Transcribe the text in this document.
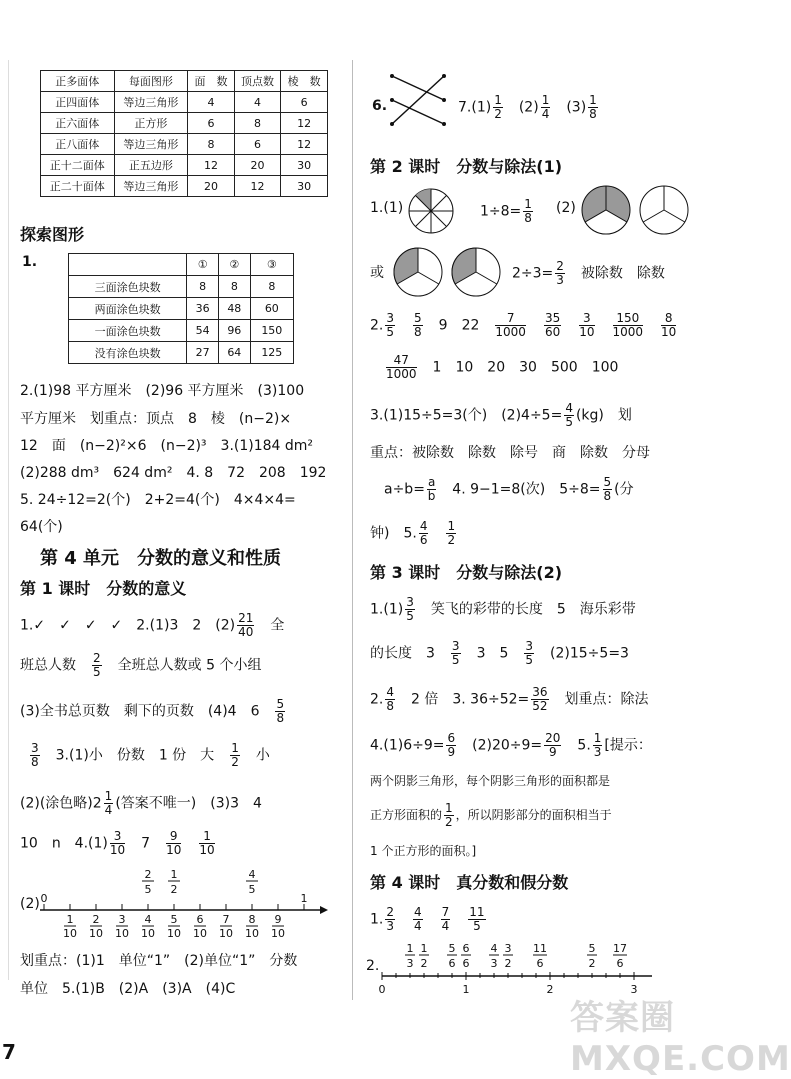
正多面体	每面图形	面　数	顶点数	棱　数
正四面体	等边三角形	4	4	6
正六面体	正方形	6	8	12
正八面体	等边三角形	8	6	12
正十二面体	正五边形	12	20	30
正二十面体	等边三角形	20	12	30
探索图形
1.
		①	②	③
三面涂色块数	8	8	8
两面涂色块数	36	48	60
一面涂色块数	54	96	150
没有涂色块数	27	64	125
2.(1)98 平方厘米　(2)96 平方厘米　(3)100
平方厘米　划重点：顶点　8　棱　(n−2)×
12　面　(n−2)²×6　(n−2)³　3.(1)184 dm²
(2)288 dm³　624 dm²　4. 8　72　208　192
5. 24÷12=2(个)　2+2=4(个)　4×4×4=
64(个)
第 4 单元　分数的意义和性质
第 1 课时　分数的意义
1.✓　✓　✓　✓　2.(1)3　2　$(2) \frac{21}{40}$
　 全
班总人数　 $\frac{2}{5}$
　 全班总人数或 5 个小组
(3)全书总页数　剩下的页数　(4)4　6　 $\frac{5}{8}$
$\frac{3}{8}$
　 3.(1)小　份数　1 份　大　 $\frac{1}{2}$
　 小
(2)(涂色略)$2 \frac{1}{4}$ (答案不唯一)　(3)3　4
10　n　$4.(1) \frac{3}{10}$
　 7　 $\frac{9}{10}$
　 $\frac{1}{10}$
(2) 0
1
10
2
10
3
10
4
10
5
10
6
10
7
10
8
10
9
10
1
2
5
1
2
4
5
划重点：(1)1　单位“1”　(2)单位“1”　分数
单位　5.(1)B　(2)A　(3)A　(4)C
7
6.	$7.(1) \frac{1}{2}$
　 $(2) \frac{1}{4}$
　 $(3) \frac{1}{8}$
第 2 课时　分数与除法(1)
1.(1)	$1\div 8= \frac{1}{8} (2)$
或	$2\div 3= \frac{2}{3}$
　 被除数　除数
2. $\frac{3}{5}$
　 $\frac{5}{8}$
　 9　 22　 $\frac{7}{1000}$
　 $\frac{35}{60}$
　 $\frac{3}{10}$
　 $\frac{150}{1000}$
　 $\frac{8}{10}$
$\frac{47}{1000}$
　 1　 10　 20　 30　 500　 100
3.(1)15÷5=3(个)　$(2)4\div 5= \frac{4}{5} (kg)$　划
重点：被除数　除数　除号　商　除数　分母
$a\div b= \frac{a}{b}$
　 4. 9−1=8(次)　$5\div 8= \frac{5}{8}$ (分
钟)　5. $\frac{4}{6}$
　 $\frac{1}{2}$
第 3 课时　分数与除法(2)
$1.(1) \frac{3}{5}$
　 笑飞的彩带的长度　5　海乐彩带
的长度　3　 $\frac{3}{5}$
　 3　5　 $\frac{3}{5}$
　 (2)15÷5=3
2. $\frac{4}{8}$
　 2 倍　3. $36\div 52= \frac{36}{52}$
　 划重点：除法
$4.(1)6\div 9= \frac{6}{9}$
　 $(2)20\div 9= \frac{20}{9}$
　 5. $\frac{1}{3}$ [提示：
两个阴影三角形，每个阴影三角形的面积都是
正方形面积的 $\frac{1}{2}$ ，所以阴影部分的面积相当于
1 个正方形的面积。]
第 4 课时　真分数和假分数
1. $\frac{2}{3}$
　 $\frac{4}{4}$
　 $\frac{7}{4}$
　 $\frac{11}{5}$
2.
0	1	2	3
1
3
1
2
5
6
6
6
4
3
3
2
11
6
5
2
17
6
答案圈 MXQE.COM
